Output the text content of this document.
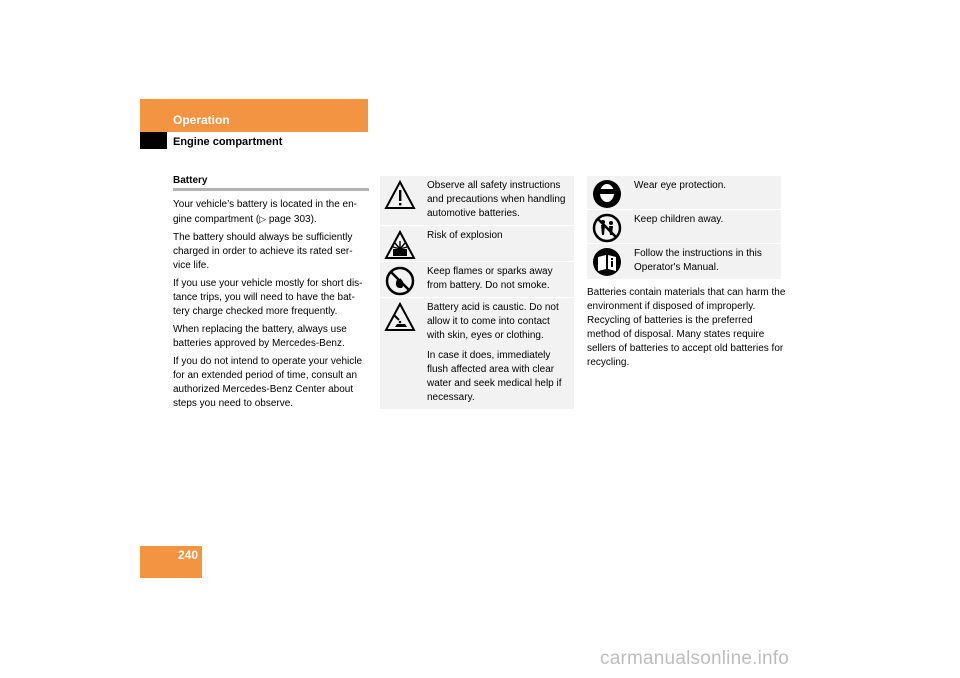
Operation
Engine compartment
Battery

Your vehicle’s battery is located in the en-gine compartment (▷ page 303).

The battery should always be sufficiently charged in order to achieve its rated ser-vice life.

If you use your vehicle mostly for short dis-tance trips, you will need to have the bat-tery charge checked more frequently.

When replacing the battery, always use batteries approved by Mercedes-Benz.

If you do not intend to operate your vehicle for an extended period of time, consult an authorized Mercedes-Benz Center about steps you need to observe.

Observe all safety instructions and precautions when handling automotive batteries.

Risk of explosion

Keep flames or sparks away from battery. Do not smoke.

Battery acid is caustic. Do not allow it to come into contact with skin, eyes or clothing.

In case it does, immediately flush affected area with clear water and seek medical help if necessary.

Wear eye protection.

Keep children away.

Follow the instructions in this Operator's Manual.

Batteries contain materials that can harm the environment if disposed of improperly. Recycling of batteries is the preferred method of disposal. Many states require sellers of batteries to accept old batteries for recycling.

240
carmanualsonline.info
